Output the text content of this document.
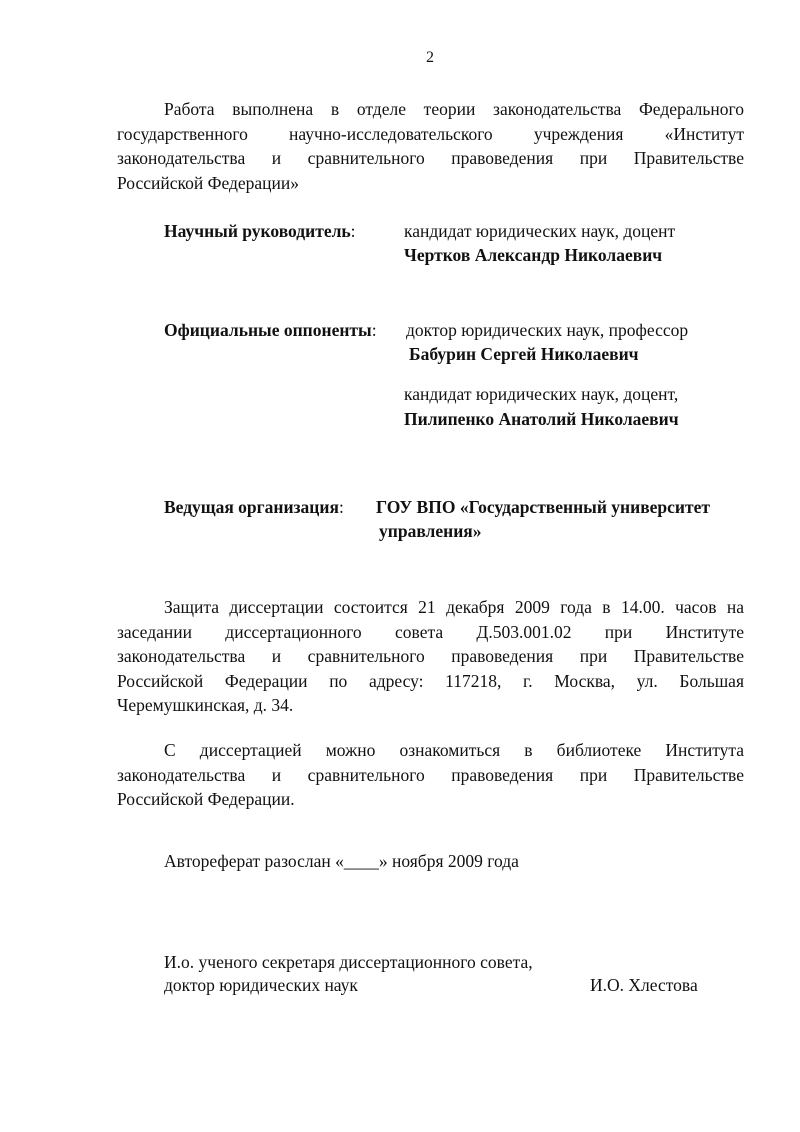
2
Работа выполнена в отделе теории законодательства Федерального
государственного научно-исследовательского учреждения «Институт
законодательства и сравнительного правоведения при Правительстве
Российской Федерации»
Научный руководитель:	кандидат юридических наук, доцент
Чертков Александр Николаевич
Официальные оппоненты: доктор юридических наук, профессор
Бабурин Сергей Николаевич
кандидат юридических наук, доцент,
Пилипенко Анатолий Николаевич
Ведущая организация: ГОУ ВПО «Государственный университет
управления»
Защита диссертации состоится 21 декабря 2009 года в 14.00. часов на
заседании диссертационного совета Д.503.001.02 при Институте
законодательства и сравнительного правоведения при Правительстве
Российской Федерации по адресу: 117218, г. Москва, ул. Большая
Черемушкинская, д. 34.
С диссертацией можно ознакомиться в библиотеке Института
законодательства и сравнительного правоведения при Правительстве
Российской Федерации.
Автореферат разослан «____» ноября 2009 года
И.о. ученого секретаря диссертационного совета,
доктор юридических наук	И.О. Хлестова
